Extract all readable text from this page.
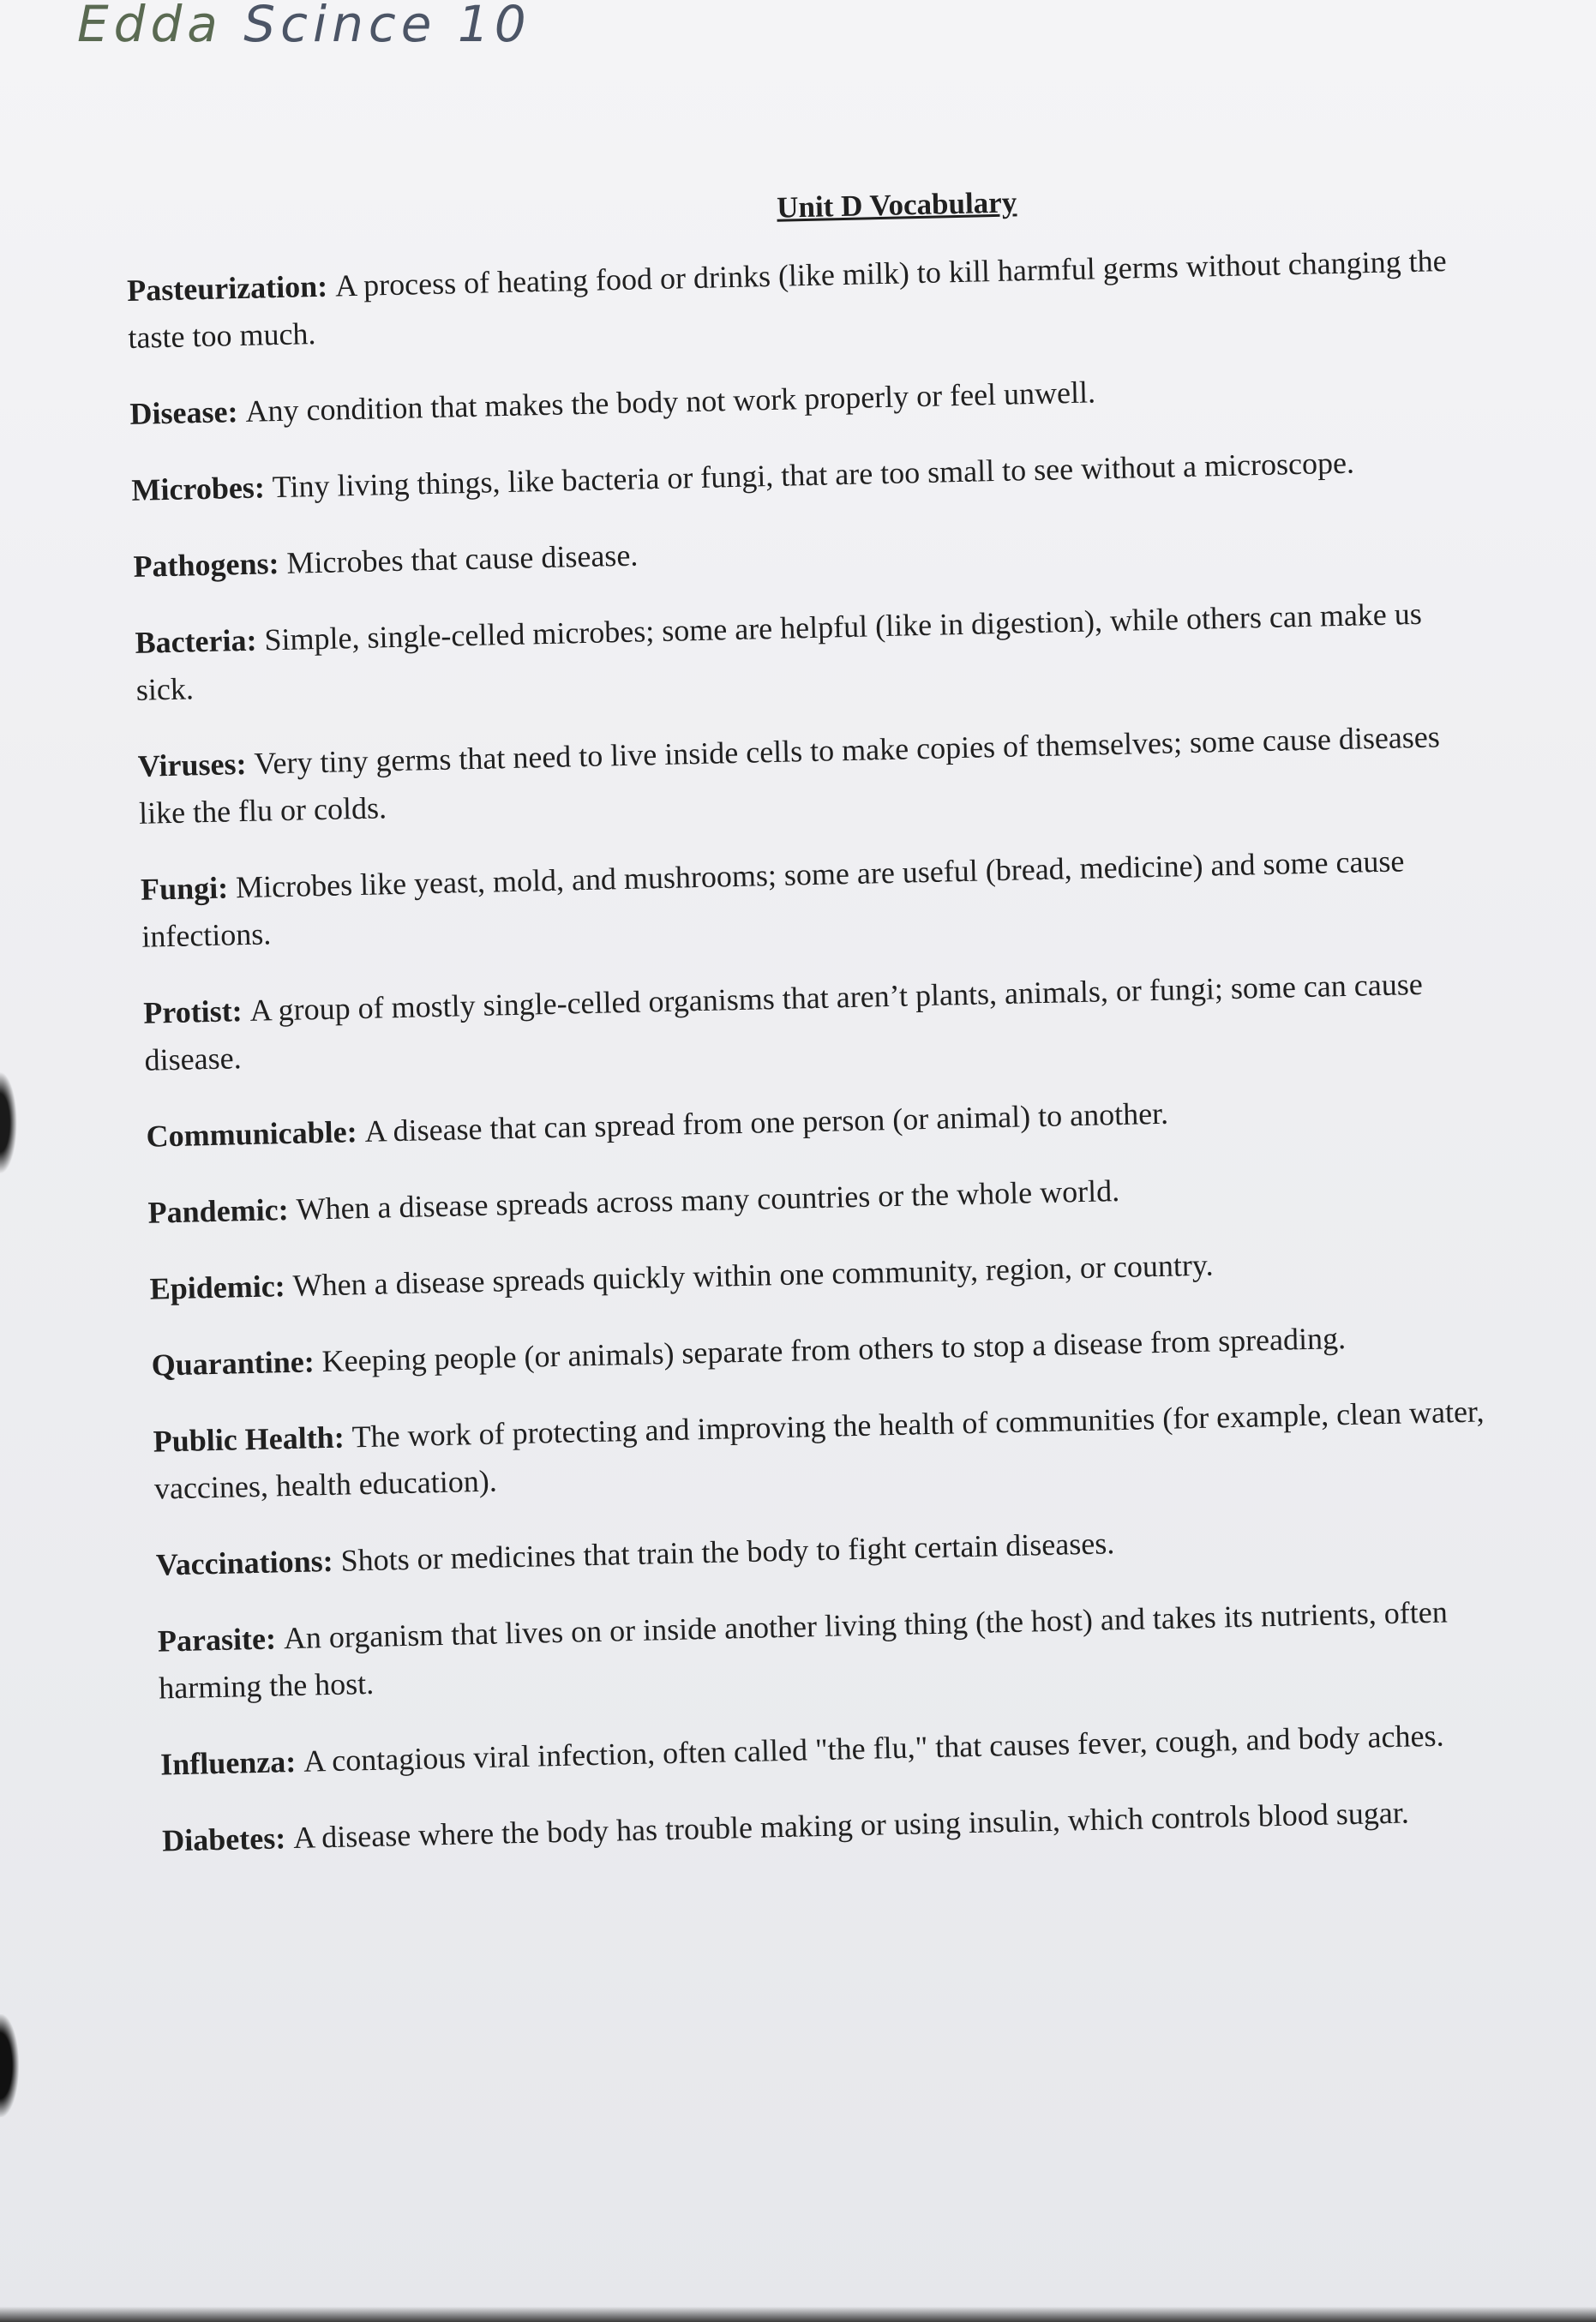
Edda Scince 10
Unit D Vocabulary

Pasteurization: A process of heating food or drinks (like milk) to kill harmful germs without changing the taste too much.

Disease: Any condition that makes the body not work properly or feel unwell.

Microbes: Tiny living things, like bacteria or fungi, that are too small to see without a microscope.

Pathogens: Microbes that cause disease.

Bacteria: Simple, single-celled microbes; some are helpful (like in digestion), while others can make us sick.

Viruses: Very tiny germs that need to live inside cells to make copies of themselves; some cause diseases like the flu or colds.

Fungi: Microbes like yeast, mold, and mushrooms; some are useful (bread, medicine) and some cause infections.

Protist: A group of mostly single-celled organisms that aren’t plants, animals, or fungi; some can cause disease.

Communicable: A disease that can spread from one person (or animal) to another.

Pandemic: When a disease spreads across many countries or the whole world.

Epidemic: When a disease spreads quickly within one community, region, or country.

Quarantine: Keeping people (or animals) separate from others to stop a disease from spreading.

Public Health: The work of protecting and improving the health of communities (for example, clean water, vaccines, health education).

Vaccinations: Shots or medicines that train the body to fight certain diseases.

Parasite: An organism that lives on or inside another living thing (the host) and takes its nutrients, often harming the host.

Influenza: A contagious viral infection, often called "the flu," that causes fever, cough, and body aches.

Diabetes: A disease where the body has trouble making or using insulin, which controls blood sugar.
